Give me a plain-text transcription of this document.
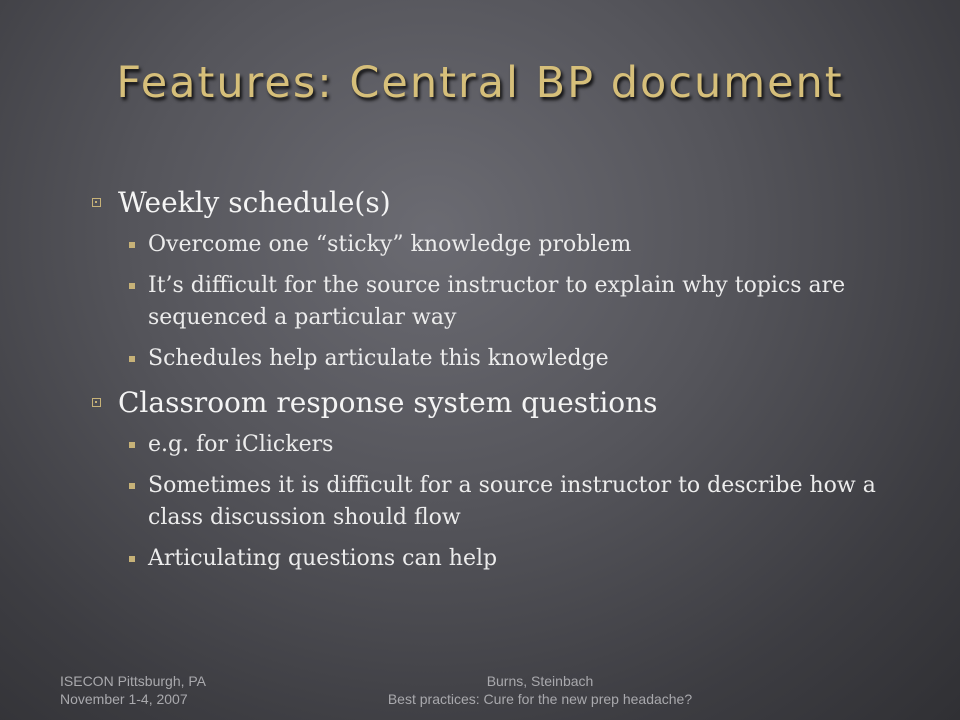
Features: Central BP document
Weekly schedule(s)
Overcome one “sticky” knowledge problem
It’s difficult for the source instructor to explain why topics are sequenced a particular way
Schedules help articulate this knowledge
Classroom response system questions
e.g. for iClickers
Sometimes it is difficult for a source instructor to describe how a class discussion should flow
Articulating questions can help
ISECON Pittsburgh, PA
November 1-4, 2007
Burns, Steinbach
Best practices: Cure for the new prep headache?
